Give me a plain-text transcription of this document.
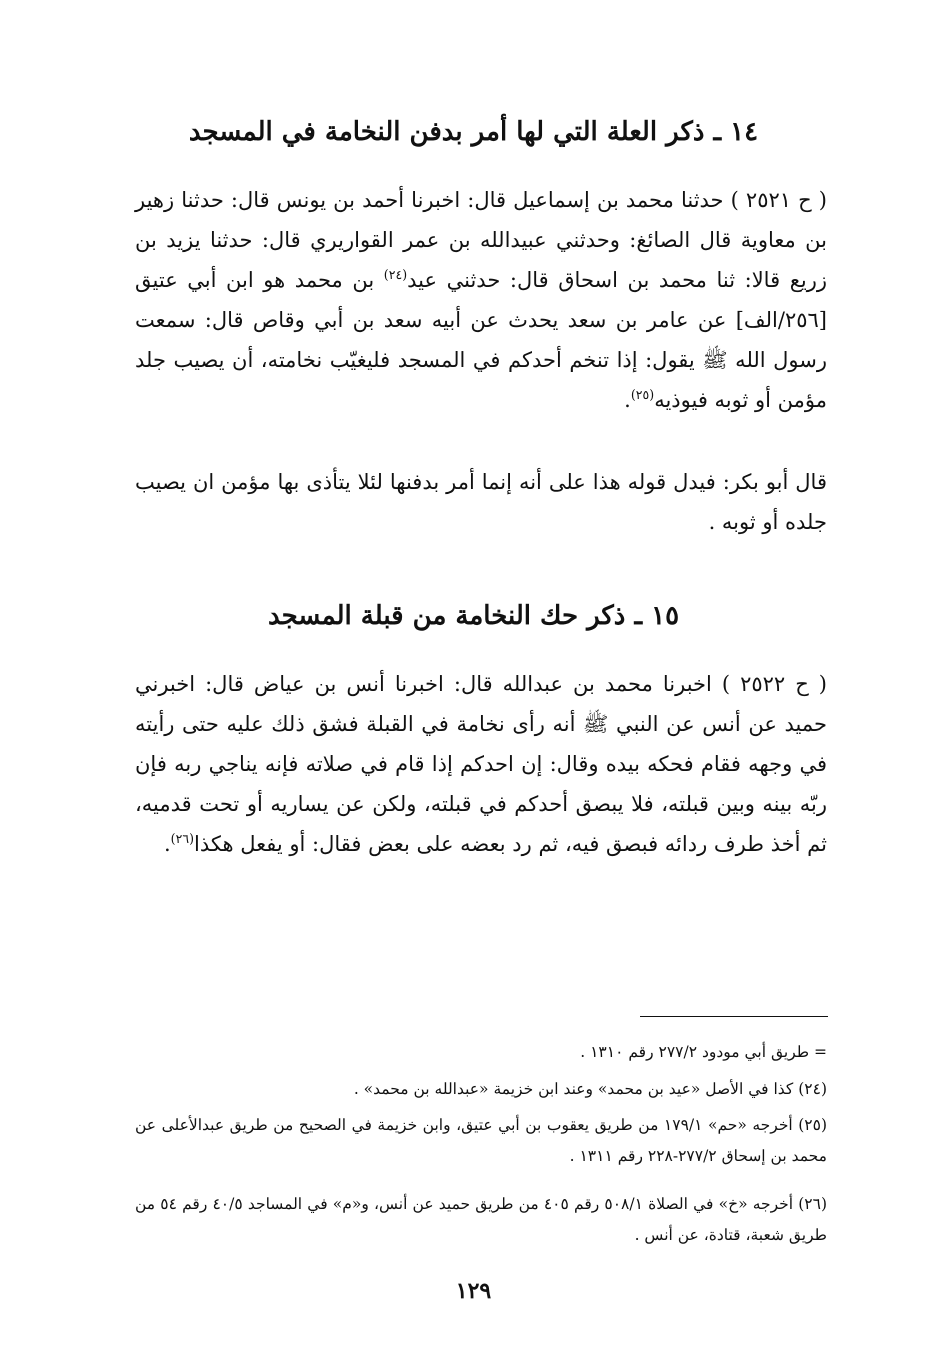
١٤ ـ ذكر العلة التي لها أمر بدفن النخامة في المسجد
( ح ٢٥٢١ ) حدثنا محمد بن إسماعيل قال: اخبرنا أحمد بن يونس قال: حدثنا زهير بن معاوية قال الصائغ: وحدثني عبيدالله بن عمر القواريري قال: حدثنا يزيد بن زريع قالا: ثنا محمد بن اسحاق قال: حدثني عيد$^{(٢٤)}$ بن محمد هو ابن أبي عتيق [٢٥٦/الف] عن عامر بن سعد يحدث عن أبيه سعد بن أبي وقاص قال: سمعت رسول الله ﷺ يقول: إذا تنخم أحدكم في المسجد فليغيّب نخامته، أن يصيب جلد مؤمن أو ثوبه فيوذيه$^{(٢٥)}$.
قال أبو بكر: فيدل قوله هذا على أنه إنما أمر بدفنها لئلا يتأذى بها مؤمن ان يصيب جلده أو ثوبه .
١٥ ـ ذكر حك النخامة من قبلة المسجد
( ح ٢٥٢٢ ) اخبرنا محمد بن عبدالله قال: اخبرنا أنس بن عياض قال: اخبرني حميد عن أنس عن النبي ﷺ أنه رأى نخامة في القبلة فشق ذلك عليه حتى رأيته في وجهه فقام فحكه بيده وقال: إن احدكم إذا قام في صلاته فإنه يناجي ربه فإن ربّه بينه وبين قبلته، فلا يبصق أحدكم في قبلته، ولكن عن يساريه أو تحت قدميه، ثم أخذ طرف ردائه فبصق فيه، ثم رد بعضه على بعض فقال: أو يفعل هكذا$^{(٢٦)}$.
= طريق أبي مودود ٢٧٧/٢ رقم ١٣١٠ .
(٢٤) كذا في الأصل «عيد بن محمد» وعند ابن خزيمة «عبدالله بن محمد» .
(٢٥) أخرجه «حم» ١٧٩/١ من طريق يعقوب بن أبي عتيق، وابن خزيمة في الصحيح من طريق عبدالأعلى عن محمد بن إسحاق ٢٧٧/٢-٢٢٨ رقم ١٣١١ .
(٢٦) أخرجه «خ» في الصلاة ٥٠٨/١ رقم ٤٠٥ من طريق حميد عن أنس، و«م» في المساجد ٤٠/٥ رقم ٥٤ من طريق شعبة، قتادة، عن أنس .
١٢٩
